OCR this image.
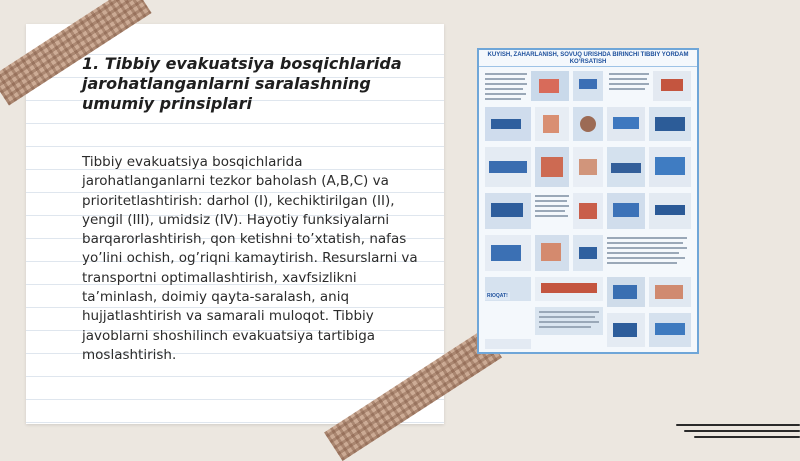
1. Tibbiy evakuatsiya bosqichlarida jarohatlanganlarni saralashning umumiy prinsiplari

Tibbiy evakuatsiya bosqichlarida jarohatlanganlarni tezkor baholash (A,B,C) va prioritetlashtirish: darhol (I), kechiktirilgan (II), yengil (III), umidsiz (IV). Hayotiy funksiyalarni barqarorlashtirish, qon ketishni to’xtatish, nafas yo’lini ochish, og’riqni kamaytirish. Resurslarni va transportni optimallashtirish, xavfsizlikni ta’minlash, doimiy qayta-saralash, aniq hujjatlashtirish va samarali muloqot. Tibbiy javoblarni shoshilinch evakuatsiya tartibiga moslashtirish.

KUYISH, ZAHARLANISH, SOVUQ URISHDA BIRINCHI TIBBIY YORDAM KO‘RSATISH
RIOQAT!
